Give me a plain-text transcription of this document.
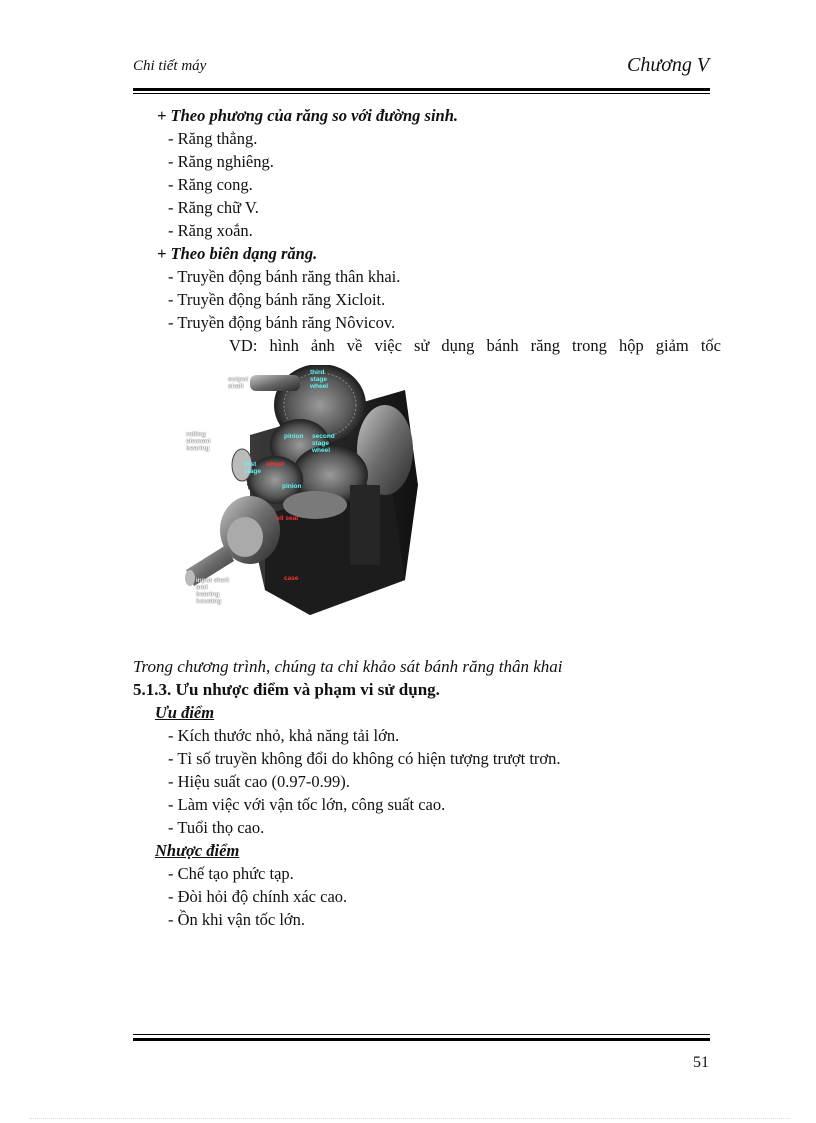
Chi tiết máy	Chương V
+ Theo phương của răng so với đường sinh.
- Răng thẳng.
- Răng nghiêng.
- Răng cong.
- Răng chữ V.
- Răng xoắn.
+ Theo biên dạng răng.
- Truyền động bánh răng thân khai.
- Truyền động bánh răng Xicloit.
- Truyền động bánh răng Nôvicov.
VD: hình ảnh về việc sử dụng bánh răng trong hộp giảm tốc
output shaft
third stage wheel
rolling element bearing
pinion second stage wheel
first stage
wheel
pinion
oil seal
input shaft and bearing housing
case
Trong chương trình, chúng ta chỉ khảo sát bánh răng thân khai
5.1.3. Ưu nhược điểm và phạm vi sử dụng.
Ưu điểm
- Kích thước nhỏ, khả năng tải lớn.
- Tỉ số truyền không đổi do không có hiện tượng trượt trơn.
- Hiệu suất cao (0.97-0.99).
- Làm việc với vận tốc lớn, công suất cao.
- Tuổi thọ cao.
Nhược điểm
- Chế tạo phức tạp.
- Đòi hỏi độ chính xác cao.
- Ồn khi vận tốc lớn.
51
